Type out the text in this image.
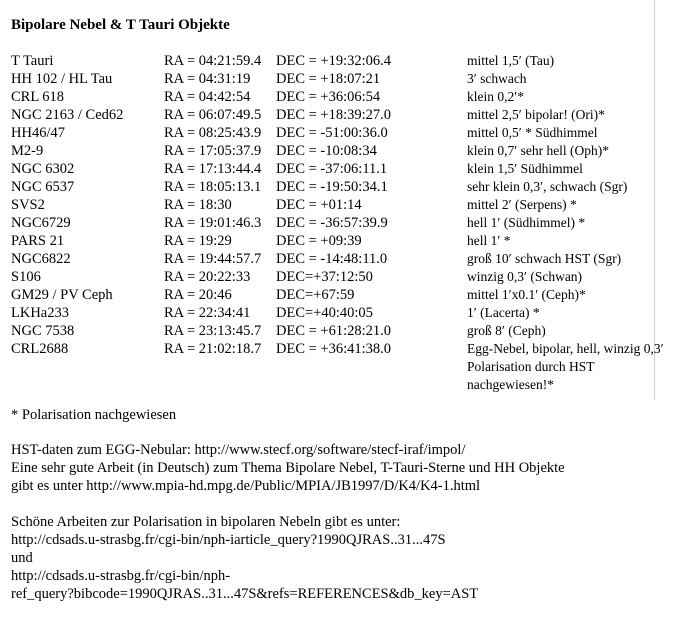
Bipolare Nebel & T Tauri Objekte
T Tauri	RA = 04:21:59.4 DEC = +19:32:06.4	mittel 1,5′ (Tau)
HH 102 / HL Tau	RA = 04:31:19 DEC = +18:07:21	3′ schwach
CRL 618	RA = 04:42:54 DEC = +36:06:54	klein 0,2′*
NGC 2163 / Ced62	RA = 06:07:49.5 DEC = +18:39:27.0	mittel 2,5′ bipolar! (Ori)*
HH46/47	RA = 08:25:43.9 DEC = -51:00:36.0	mittel 0,5′ * Südhimmel
M2-9	RA = 17:05:37.9 DEC = -10:08:34	klein 0,7′ sehr hell (Oph)*
NGC 6302	RA = 17:13:44.4 DEC = -37:06:11.1	klein 1,5′ Südhimmel
NGC 6537	RA = 18:05:13.1 DEC = -19:50:34.1	sehr klein 0,3′, schwach (Sgr)
SVS2	RA = 18:30	DEC = +01:14	mittel 2′ (Serpens) *
NGC6729	RA = 19:01:46.3 DEC = -36:57:39.9	hell 1′ (Südhimmel) *
PARS 21	RA = 19:29	DEC = +09:39	hell 1′ *
NGC6822	RA = 19:44:57.7 DEC = -14:48:11.0	groß 10′ schwach HST (Sgr)
S106	RA = 20:22:33 DEC=+37:12:50	winzig 0,3′ (Schwan)
GM29 / PV Ceph	RA = 20:46	DEC=+67:59	mittel 1′x0.1′ (Ceph)*
LKHa233	RA = 22:34:41 DEC=+40:40:05	1′ (Lacerta) *
NGC 7538	RA = 23:13:45.7 DEC = +61:28:21.0	groß 8′ (Ceph)
CRL2688	RA = 21:02:18.7 DEC = +36:41:38.0	Egg-Nebel, bipolar, hell, winzig 0,3′ Polarisation durch HST nachgewiesen!*

* Polarisation nachgewiesen

HST-daten zum EGG-Nebular: http://www.stecf.org/software/stecf-iraf/impol/

Eine sehr gute Arbeit (in Deutsch) zum Thema Bipolare Nebel, T-Tauri-Sterne und HH Objekte

gibt es unter http://www.mpia-hd.mpg.de/Public/MPIA/JB1997/D/K4/K4-1.html

Schöne Arbeiten zur Polarisation in bipolaren Nebeln gibt es unter:

http://cdsads.u-strasbg.fr/cgi-bin/nph-iarticle_query?1990QJRAS..31...47S

und

http://cdsads.u-strasbg.fr/cgi-bin/nph-

ref_query?bibcode=1990QJRAS..31...47S&refs=REFERENCES&db_key=AST
